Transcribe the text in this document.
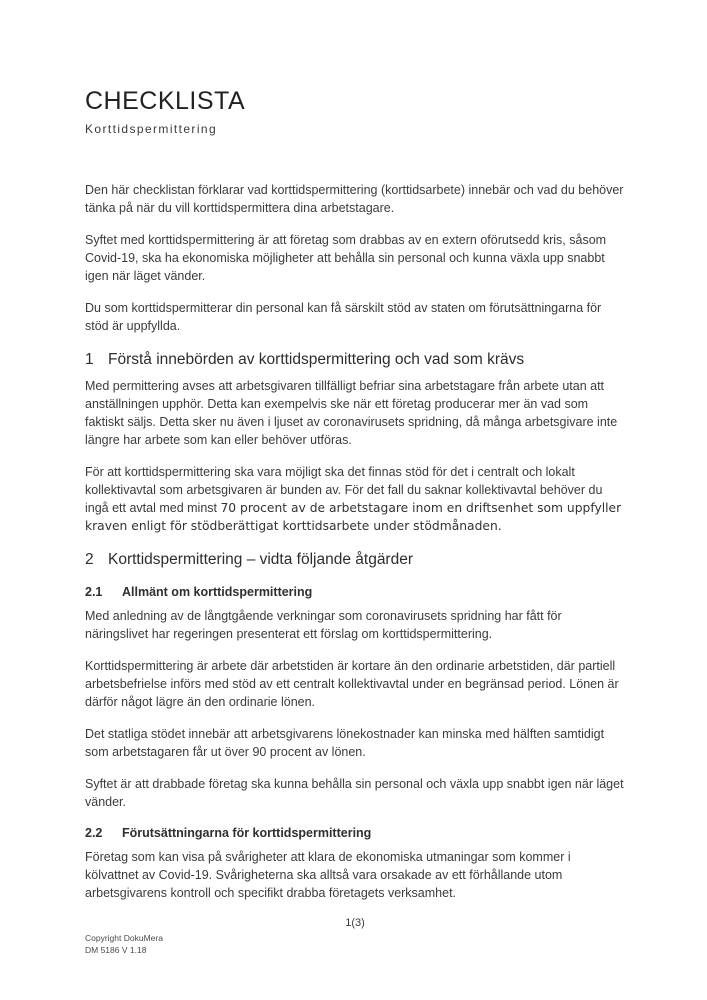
CHECKLISTA
Korttidspermittering

Den här checklistan förklarar vad korttidspermittering (korttidsarbete) innebär och vad du behöver tänka på när du vill korttidspermittera dina arbetstagare.

Syftet med korttidspermittering är att företag som drabbas av en extern oförutsedd kris, såsom Covid-19, ska ha ekonomiska möjligheter att behålla sin personal och kunna växla upp snabbt igen när läget vänder.

Du som korttidspermitterar din personal kan få särskilt stöd av staten om förutsättningarna för stöd är uppfyllda.

1 Förstå innebörden av korttidspermittering och vad som krävs

Med permittering avses att arbetsgivaren tillfälligt befriar sina arbetstagare från arbete utan att anställningen upphör. Detta kan exempelvis ske när ett företag producerar mer än vad som faktiskt säljs. Detta sker nu även i ljuset av coronavirusets spridning, då många arbetsgivare inte längre har arbete som kan eller behöver utföras.

För att korttidspermittering ska vara möjligt ska det finnas stöd för det i centralt och lokalt kollektivavtal som arbetsgivaren är bunden av. För det fall du saknar kollektivavtal behöver du ingå ett avtal med minst 70 procent av de arbetstagare inom en driftsenhet som uppfyller kraven enligt för stödberättigat korttidsarbete under stödmånaden.

2 Korttidspermittering – vidta följande åtgärder
2.1	Allmänt om korttidspermittering

Med anledning av de långtgående verkningar som coronavirusets spridning har fått för näringslivet har regeringen presenterat ett förslag om korttidspermittering.

Korttidspermittering är arbete där arbetstiden är kortare än den ordinarie arbetstiden, där partiell arbetsbefrielse införs med stöd av ett centralt kollektivavtal under en begränsad period. Lönen är därför något lägre än den ordinarie lönen.

Det statliga stödet innebär att arbetsgivarens lönekostnader kan minska med hälften samtidigt som arbetstagaren får ut över 90 procent av lönen.

Syftet är att drabbade företag ska kunna behålla sin personal och växla upp snabbt igen när läget vänder.

2.2	Förutsättningarna för korttidspermittering

Företag som kan visa på svårigheter att klara de ekonomiska utmaningar som kommer i kölvattnet av Covid-19. Svårigheterna ska alltså vara orsakade av ett förhållande utom arbetsgivarens kontroll och specifikt drabba företagets verksamhet.

1(3)
Copyright DokuMera
DM 5186 V 1.18
